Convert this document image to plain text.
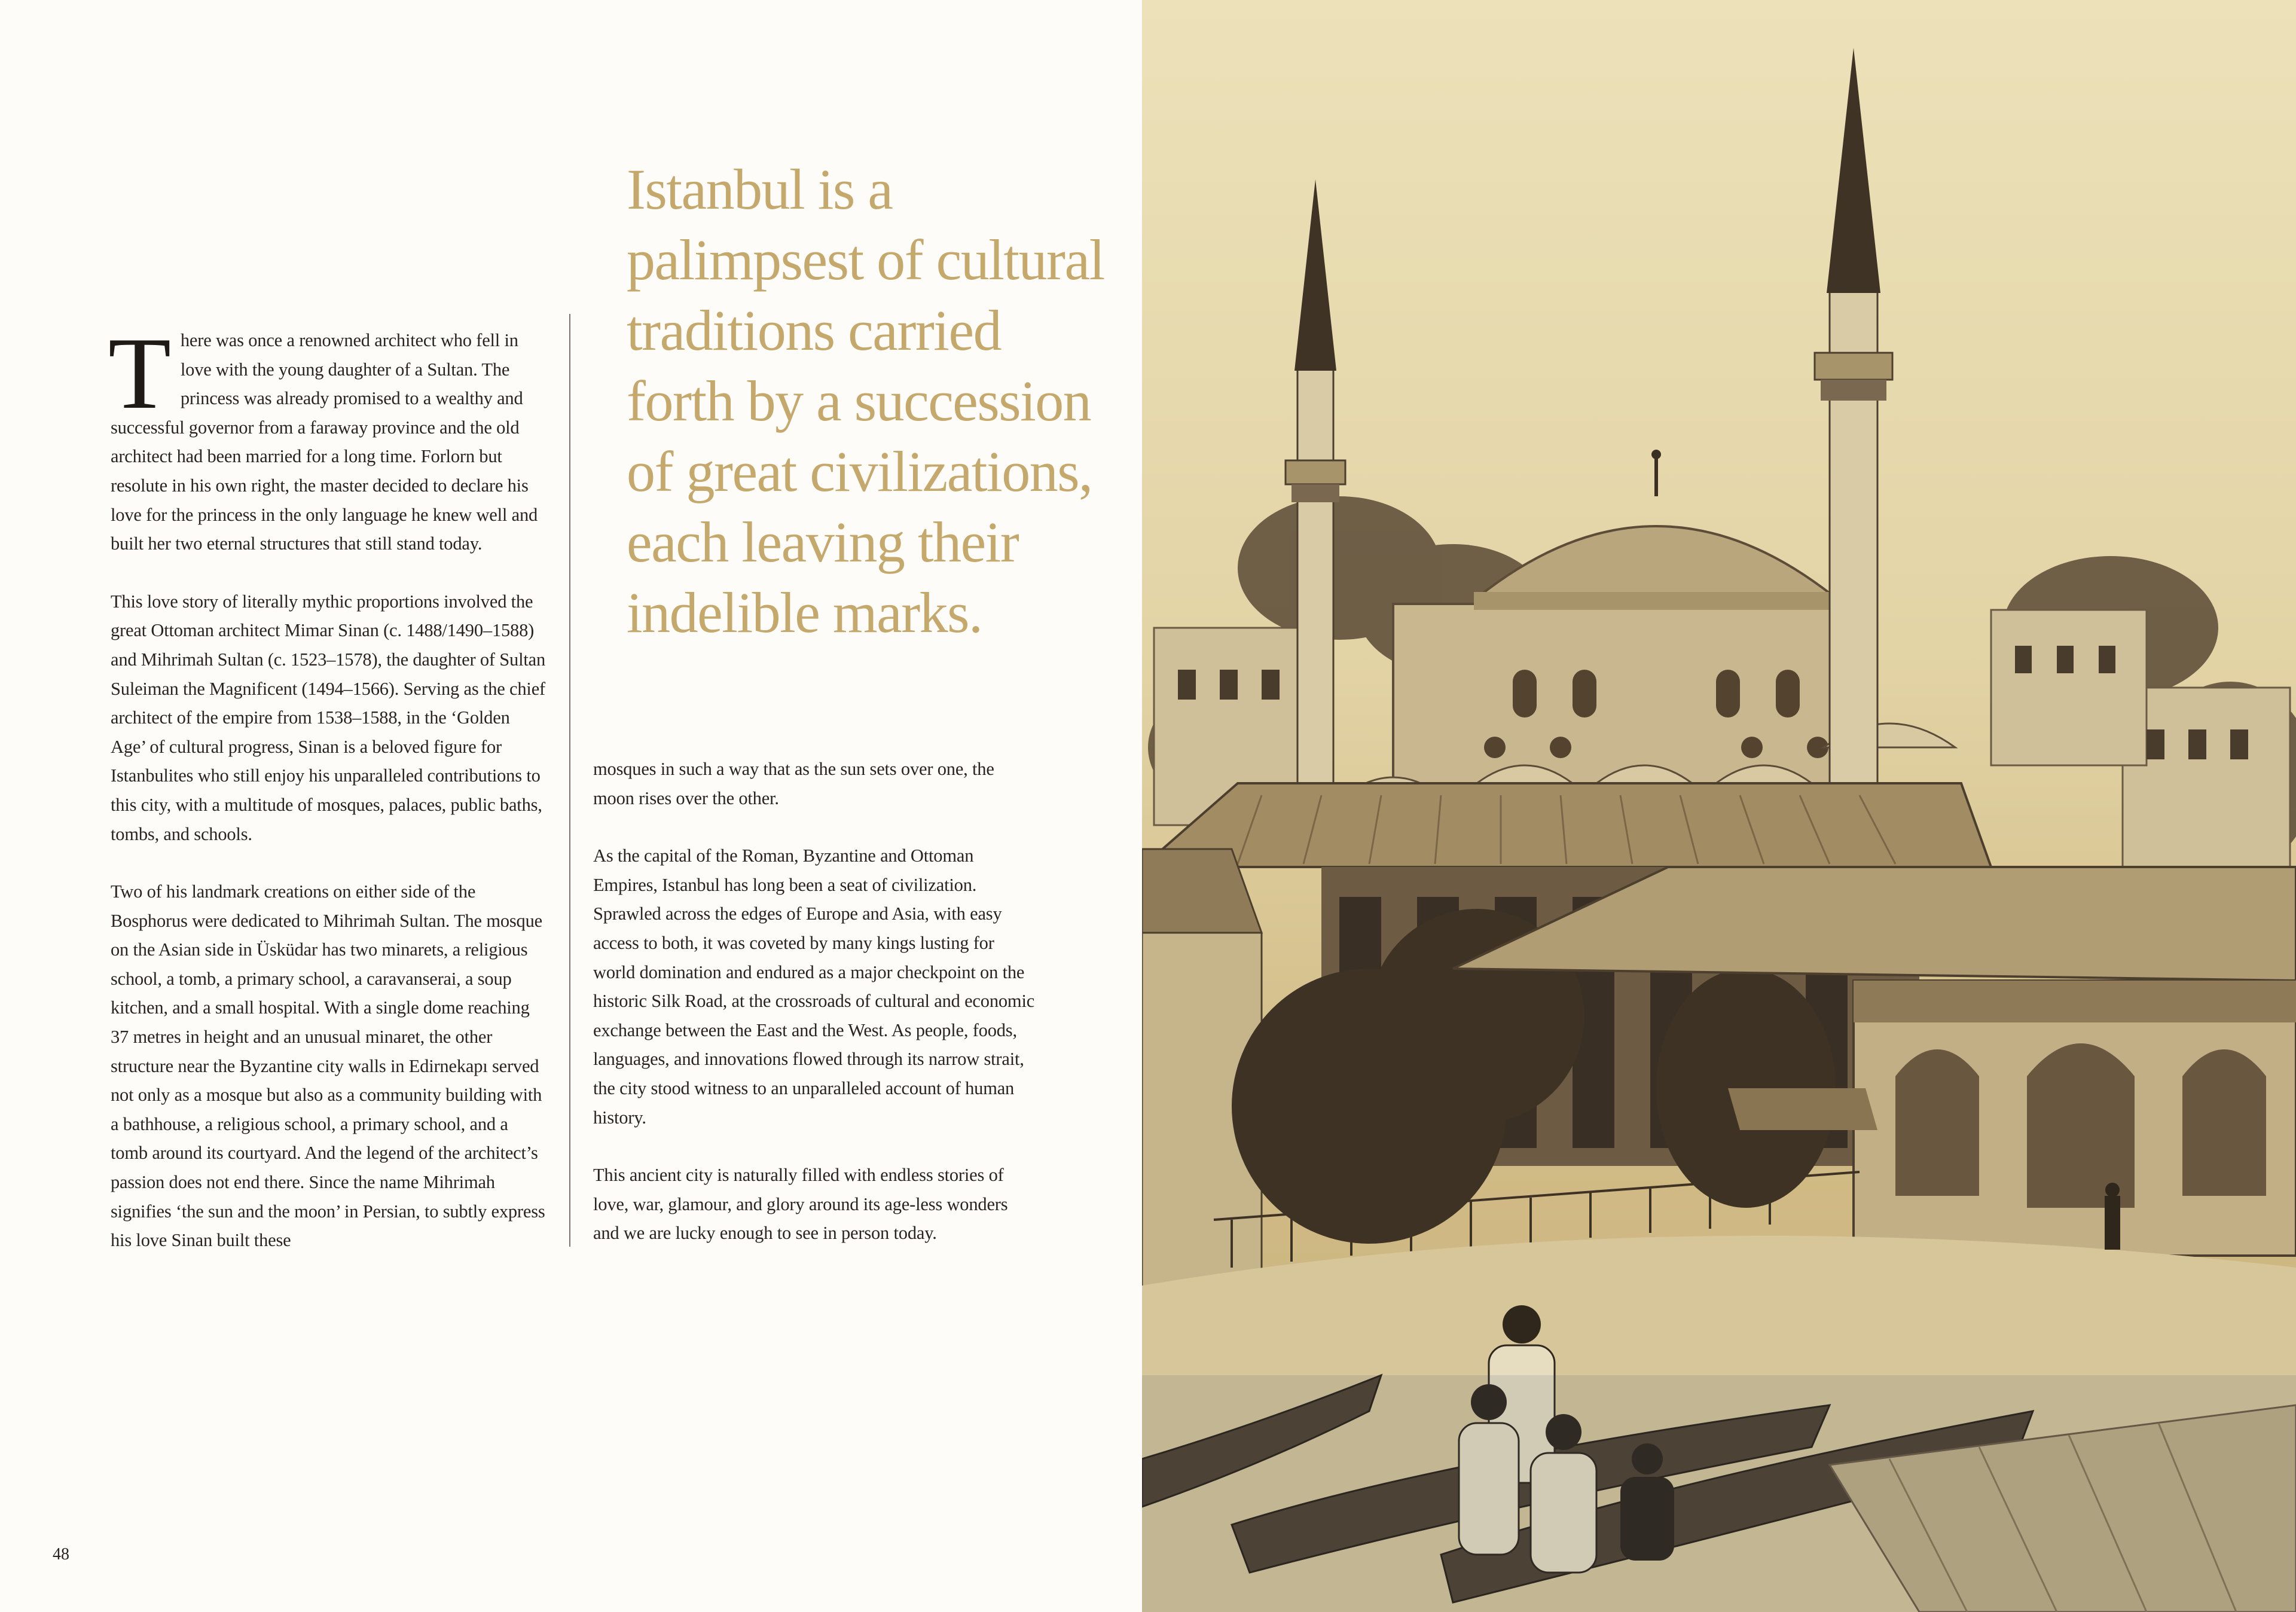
There was once a renowned architect who fell in love with the young daughter of a Sultan. The princess was already promised to a wealthy and successful governor from a faraway province and the old architect had been married for a long time. Forlorn but resolute in his own right, the master decided to declare his love for the princess in the only language he knew well and built her two eternal structures that still stand today.

This love story of literally mythic proportions involved the great Ottoman architect Mimar Sinan (c. 1488/1490–1588) and Mihrimah Sultan (c. 1523–1578), the daughter of Sultan Suleiman the Magnificent (1494–1566). Serving as the chief architect of the empire from 1538–1588, in the ‘Golden Age’ of cultural progress, Sinan is a beloved figure for Istanbulites who still enjoy his unparalleled contributions to this city, with a multitude of mosques, palaces, public baths, tombs, and schools.

Two of his landmark creations on either side of the Bosphorus were dedicated to Mihrimah Sultan. The mosque on the Asian side in Üsküdar has two minarets, a religious school, a tomb, a primary school, a caravanserai, a soup kitchen, and a small hospital. With a single dome reaching 37 metres in height and an unusual minaret, the other structure near the Byzantine city walls in Edirnekapı served not only as a mosque but also as a community building with a bathhouse, a religious school, a primary school, and a tomb around its courtyard. And the legend of the architect’s passion does not end there. Since the name Mihrimah signifies ‘the sun and the moon’ in Persian, to subtly express his love Sinan built these

Istanbul is a palimpsest of cultural traditions carried forth by a succession of great civilizations, each leaving their indelible marks.

mosques in such a way that as the sun sets over one, the moon rises over the other.

As the capital of the Roman, Byzantine and Ottoman Empires, Istanbul has long been a seat of civilization. Sprawled across the edges of Europe and Asia, with easy access to both, it was coveted by many kings lusting for world domination and endured as a major checkpoint on the historic Silk Road, at the crossroads of cultural and economic exchange between the East and the West. As people, foods, languages, and innovations flowed through its narrow strait, the city stood witness to an unparalleled account of human history.

This ancient city is naturally filled with endless stories of love, war, glamour, and glory around its age-less wonders and we are lucky enough to see in person today.

48
